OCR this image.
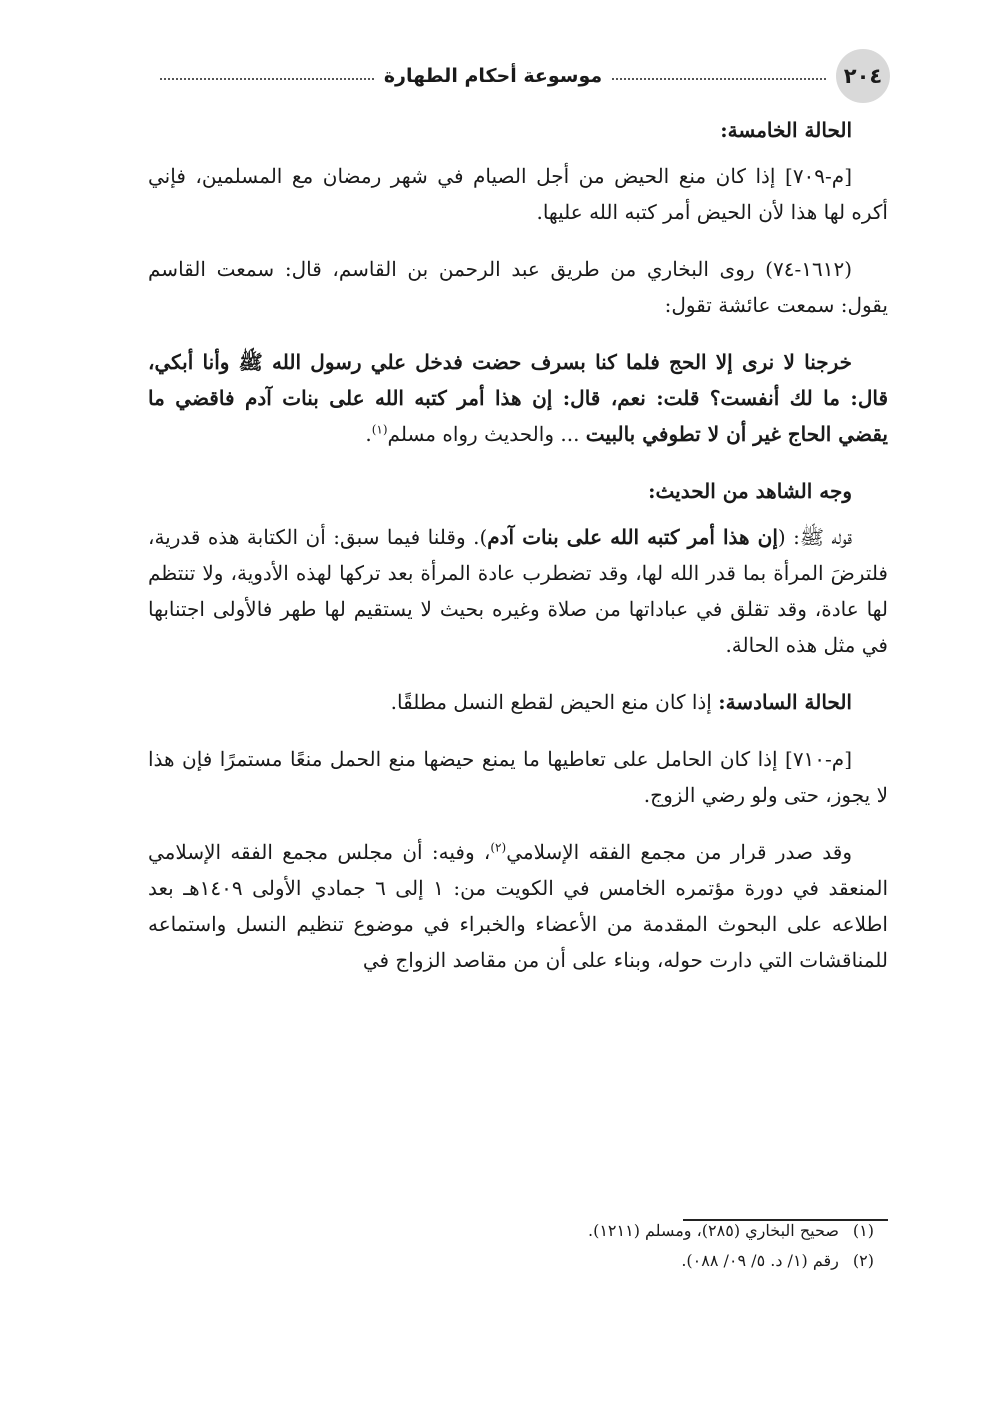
٢٠٤
موسوعة أحكام الطهارة

الحالة الخامسة:

[م-٧٠٩] إذا كان منع الحيض من أجل الصيام في شهر رمضان مع المسلمين، فإني أكره لها هذا لأن الحيض أمر كتبه الله عليها.

(١٦١٢-٧٤) روى البخاري من طريق عبد الرحمن بن القاسم، قال: سمعت القاسم يقول: سمعت عائشة تقول:

خرجنا لا نرى إلا الحج فلما كنا بسرف حضت فدخل علي رسول الله ﷺ وأنا أبكي، قال: ما لك أنفست؟ قلت: نعم، قال: إن هذا أمر كتبه الله على بنات آدم فاقضي ما يقضي الحاج غير أن لا تطوفي بالبيت ... والحديث رواه مسلم$^{(١)}$.

وجه الشاهد من الحديث:

قوله ﷺ: (إن هذا أمر كتبه الله على بنات آدم). وقلنا فيما سبق: أن الكتابة هذه قدرية، فلترضَ المرأة بما قدر الله لها، وقد تضطرب عادة المرأة بعد تركها لهذه الأدوية، ولا تنتظم لها عادة، وقد تقلق في عباداتها من صلاة وغيره بحيث لا يستقيم لها طهر فالأولى اجتنابها في مثل هذه الحالة.

الحالة السادسة: إذا كان منع الحيض لقطع النسل مطلقًا.

[م-٧١٠] إذا كان الحامل على تعاطيها ما يمنع حيضها منع الحمل منعًا مستمرًا فإن هذا لا يجوز، حتى ولو رضي الزوج.

وقد صدر قرار من مجمع الفقه الإسلامي$^{(٢)}$، وفيه: أن مجلس مجمع الفقه الإسلامي المنعقد في دورة مؤتمره الخامس في الكويت من: ١ إلى ٦ جمادي الأولى ١٤٠٩هـ بعد اطلاعه على البحوث المقدمة من الأعضاء والخبراء في موضوع تنظيم النسل واستماعه للمناقشات التي دارت حوله، وبناء على أن من مقاصد الزواج في

(١)
صحيح البخاري (٢٨٥)، ومسلم (١٢١١).
(٢)
رقم (١/ د. ٥/ ٠٩/ ٠٨٨).
